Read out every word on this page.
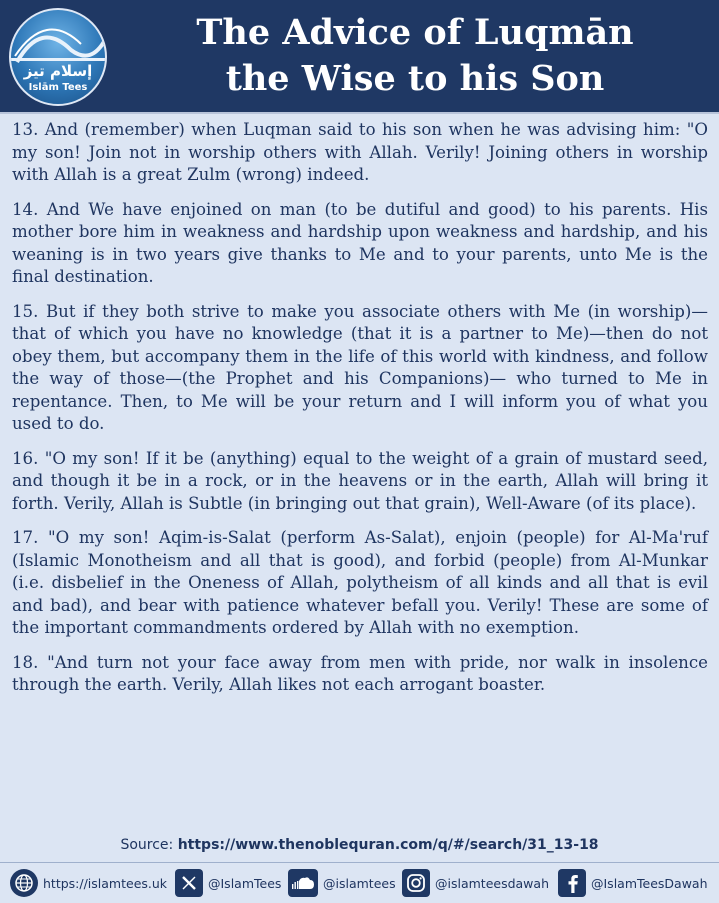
إسلام تيز
Islām Tees
The Advice of Luqmān
the Wise to his Son

13. And (remember) when Luqman said to his son when he was advising him: "O my son! Join not in worship others with Allah. Verily! Joining others in worship with Allah is a great Zulm (wrong) indeed.

14. And We have enjoined on man (to be dutiful and good) to his parents. His mother bore him in weakness and hardship upon weakness and hardship, and his weaning is in two years give thanks to Me and to your parents, unto Me is the final destination.

15. But if they both strive to make you associate others with Me (in worship)—that of which you have no knowledge (that it is a partner to Me)—then do not obey them, but accompany them in the life of this world with kindness, and follow the way of those—(the Prophet and his Companions)— who turned to Me in repentance. Then, to Me will be your return and I will inform you of what you used to do.

16. "O my son! If it be (anything) equal to the weight of a grain of mustard seed, and though it be in a rock, or in the heavens or in the earth, Allah will bring it forth. Verily, Allah is Subtle (in bringing out that grain), Well-Aware (of its place).

17. "O my son! Aqim-is-Salat (perform As-Salat), enjoin (people) for Al-Ma'ruf (Islamic Monotheism and all that is good), and forbid (people) from Al-Munkar (i.e. disbelief in the Oneness of Allah, polytheism of all kinds and all that is evil and bad), and bear with patience whatever befall you. Verily! These are some of the important commandments ordered by Allah with no exemption.

18. "And turn not your face away from men with pride, nor walk in insolence through the earth. Verily, Allah likes not each arrogant boaster.

Source: https://www.thenoblequran.com/q/#/search/31_13-18
https://islamtees.uk	@IslamTees	@islamtees	@islamteesdawah	@IslamTeesDawah
